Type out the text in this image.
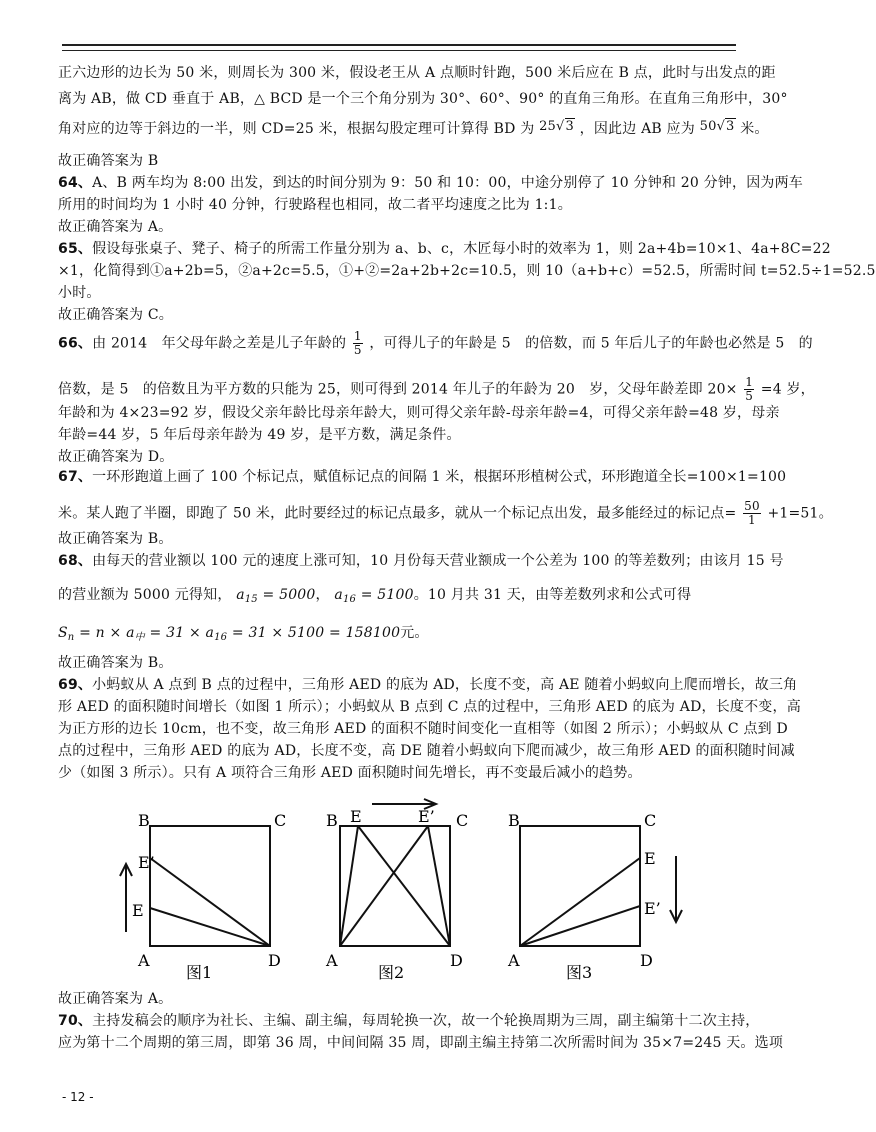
正六边形的边长为 50 米，则周长为 300 米，假设老王从 A 点顺时针跑，500 米后应在 B 点，此时与出发点的距
离为 AB，做 CD 垂直于 AB，△ BCD 是一个三个角分别为 30°、60°、90° 的直角三角形。在直角三角形中，30°
角对应的边等于斜边的一半，则 CD=25 米，根据勾股定理可计算得 BD 为 25√3 ，因此边 AB 应为 50√3 米。
故正确答案为 B
64、A、B 两车均为 8:00 出发，到达的时间分别为 9：50 和 10：00，中途分别停了 10 分钟和 20 分钟，因为两车
所用的时间均为 1 小时 40 分钟，行驶路程也相同，故二者平均速度之比为 1:1。
故正确答案为 A。
65、假设每张桌子、凳子、椅子的所需工作量分别为 a、b、c，木匠每小时的效率为 1，则 2a+4b=10×1、4a+8C=22
×1，化简得到①a+2b=5，②a+2c=5.5，①+②=2a+2b+2c=10.5，则 10（a+b+c）=52.5，所需时间 t=52.5÷1=52.5
小时。
故正确答案为 C。
66、由 2014　年父母年龄之差是儿子年龄的 $\frac{1}{5}$ ，可得儿子的年龄是 5　的倍数，而 5 年后儿子的年龄也必然是 5　的
倍数，是 5　的倍数且为平方数的只能为 25，则可得到 2014 年儿子的年龄为 20　岁，父母年龄差即 $20\times \frac{1}{5} =4$ 岁，
年龄和为 4×23=92 岁，假设父亲年龄比母亲年龄大，则可得父亲年龄-母亲年龄=4，可得父亲年龄=48 岁，母亲
年龄=44 岁，5 年后母亲年龄为 49 岁，是平方数，满足条件。
故正确答案为 D。
67、一环形跑道上画了 100 个标记点，赋值标记点的间隔 1 米，根据环形植树公式，环形跑道全长=100×1=100
米。某人跑了半圈，即跑了 50 米，此时要经过的标记点最多，就从一个标记点出发，最多能经过的标记点= $\frac{50}{1} +1=51$。
故正确答案为 B。
68、由每天的营业额以 100 元的速度上涨可知，10 月份每天营业额成一个公差为 100 的等差数列；由该月 15 号
的营业额为 5000 元得知， $a_{15} = 5000$， $a_{16} = 5100$。10 月共 31 天，由等差数列求和公式可得
$S_n = n \times a_中 = 31 \times a_{16} = 31 \times 5100 = 158100$元。
故正确答案为 B。
69、小蚂蚁从 A 点到 B 点的过程中，三角形 AED 的底为 AD，长度不变，高 AE 随着小蚂蚁向上爬而增长，故三角
形 AED 的面积随时间增长（如图 1 所示）；小蚂蚁从 B 点到 C 点的过程中，三角形 AED 的底为 AD，长度不变，高
为正方形的边长 10cm，也不变，故三角形 AED 的面积不随时间变化一直相等（如图 2 所示）；小蚂蚁从 C 点到 D
点的过程中，三角形 AED 的底为 AD，长度不变，高 DE 随着小蚂蚁向下爬而减少，故三角形 AED 的面积随时间减
少（如图 3 所示）。只有 A 项符合三角形 AED 面积随时间先增长，再不变最后减小的趋势。
B	C
E’
E
A	D
图1
B E	E’ C
A	D
图2
B	C
E
E’
A	D
图3
故正确答案为 A。
70、主持发稿会的顺序为社长、主编、副主编，每周轮换一次，故一个轮换周期为三周，副主编第十二次主持，
应为第十二个周期的第三周，即第 36 周，中间间隔 35 周，即副主编主持第二次所需时间为 35×7=245 天。选项
- 12 -
